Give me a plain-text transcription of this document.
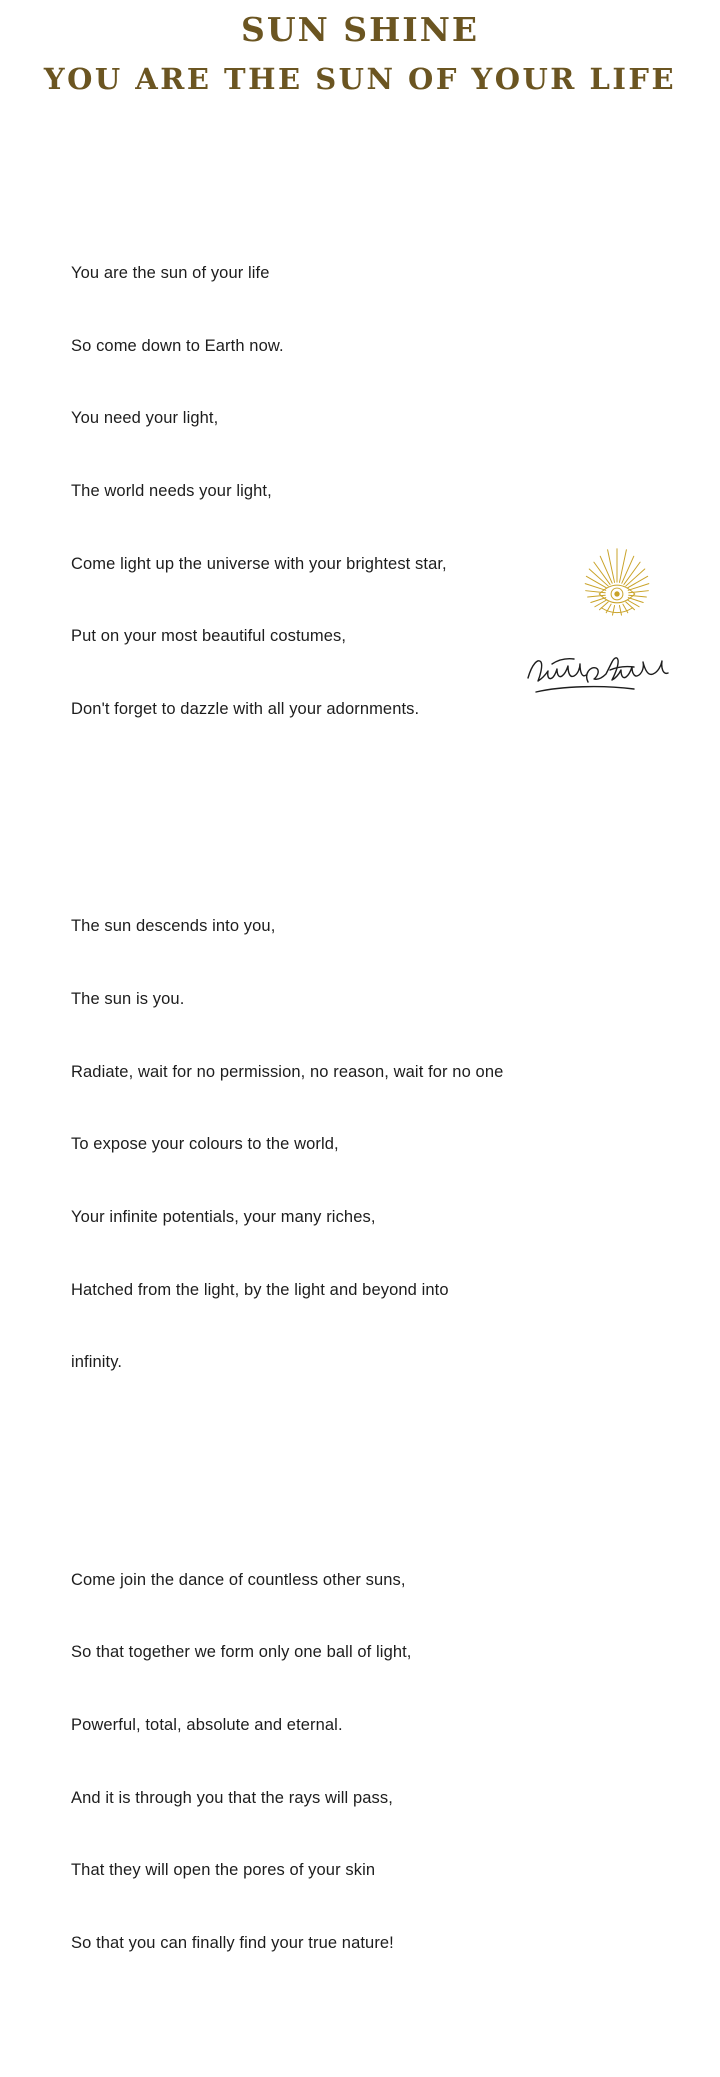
SUN SHINE
YOU ARE THE SUN OF YOUR LIFE

You are the sun of your life

So come down to Earth now.

You need your light,

The world needs your light,

Come light up the universe with your brightest star,

Put on your most beautiful costumes,

Don't forget to dazzle with all your adornments.

The sun descends into you,

The sun is you.

Radiate, wait for no permission, no reason, wait for no one

To expose your colours to the world,

Your infinite potentials, your many riches,

Hatched from the light, by the light and beyond into

infinity.

Come join the dance of countless other suns,

So that together we form only one ball of light,

Powerful, total, absolute and eternal.

And it is through you that the rays will pass,

That they will open the pores of your skin

So that you can finally find your true nature!
